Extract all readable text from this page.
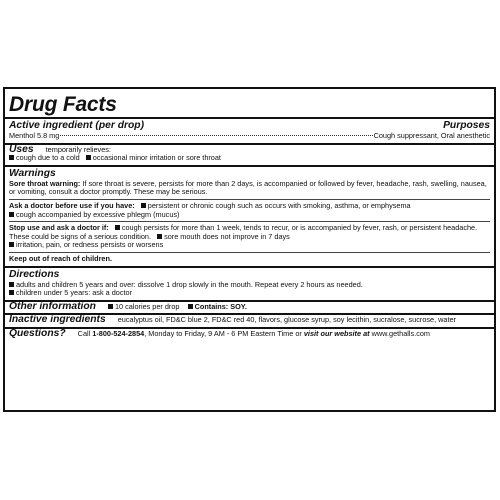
Drug Facts
Active ingredient (per drop)	Purposes
Menthol 5.8 mg	Cough suppressant, Oral anesthetic
Uses temporarily relieves:
cough due to a cold occasional minor irritation or sore throat
Warnings

Sore throat warning: If sore throat is severe, persists for more than 2 days, is accompanied or followed by fever, headache, rash, swelling, nausea, or vomiting, consult a doctor promptly. These may be serious.

Ask a doctor before use if you have: persistent or chronic cough such as occurs with smoking, asthma, or emphysema

cough accompanied by excessive phlegm (mucus)

Stop use and ask a doctor if: cough persists for more than 1 week, tends to recur, or is accompanied by fever, rash, or persistent headache. These could be signs of a serious condition. sore mouth does not improve in 7 days

irritation, pain, or redness persists or worsens

Keep out of reach of children.

Directions

adults and children 5 years and over: dissolve 1 drop slowly in the mouth. Repeat every 2 hours as needed.

children under 5 years: ask a doctor

Other information	10 calories per drop Contains: SOY.

Inactive ingredients eucalyptus oil, FD&C blue 2, FD&C red 40, flavors, glucose syrup, soy lecithin, sucralose, sucrose, water

Questions? Call 1-800-524-2854, Monday to Friday, 9 AM - 6 PM Eastern Time or visit our website at www.gethalls.com
